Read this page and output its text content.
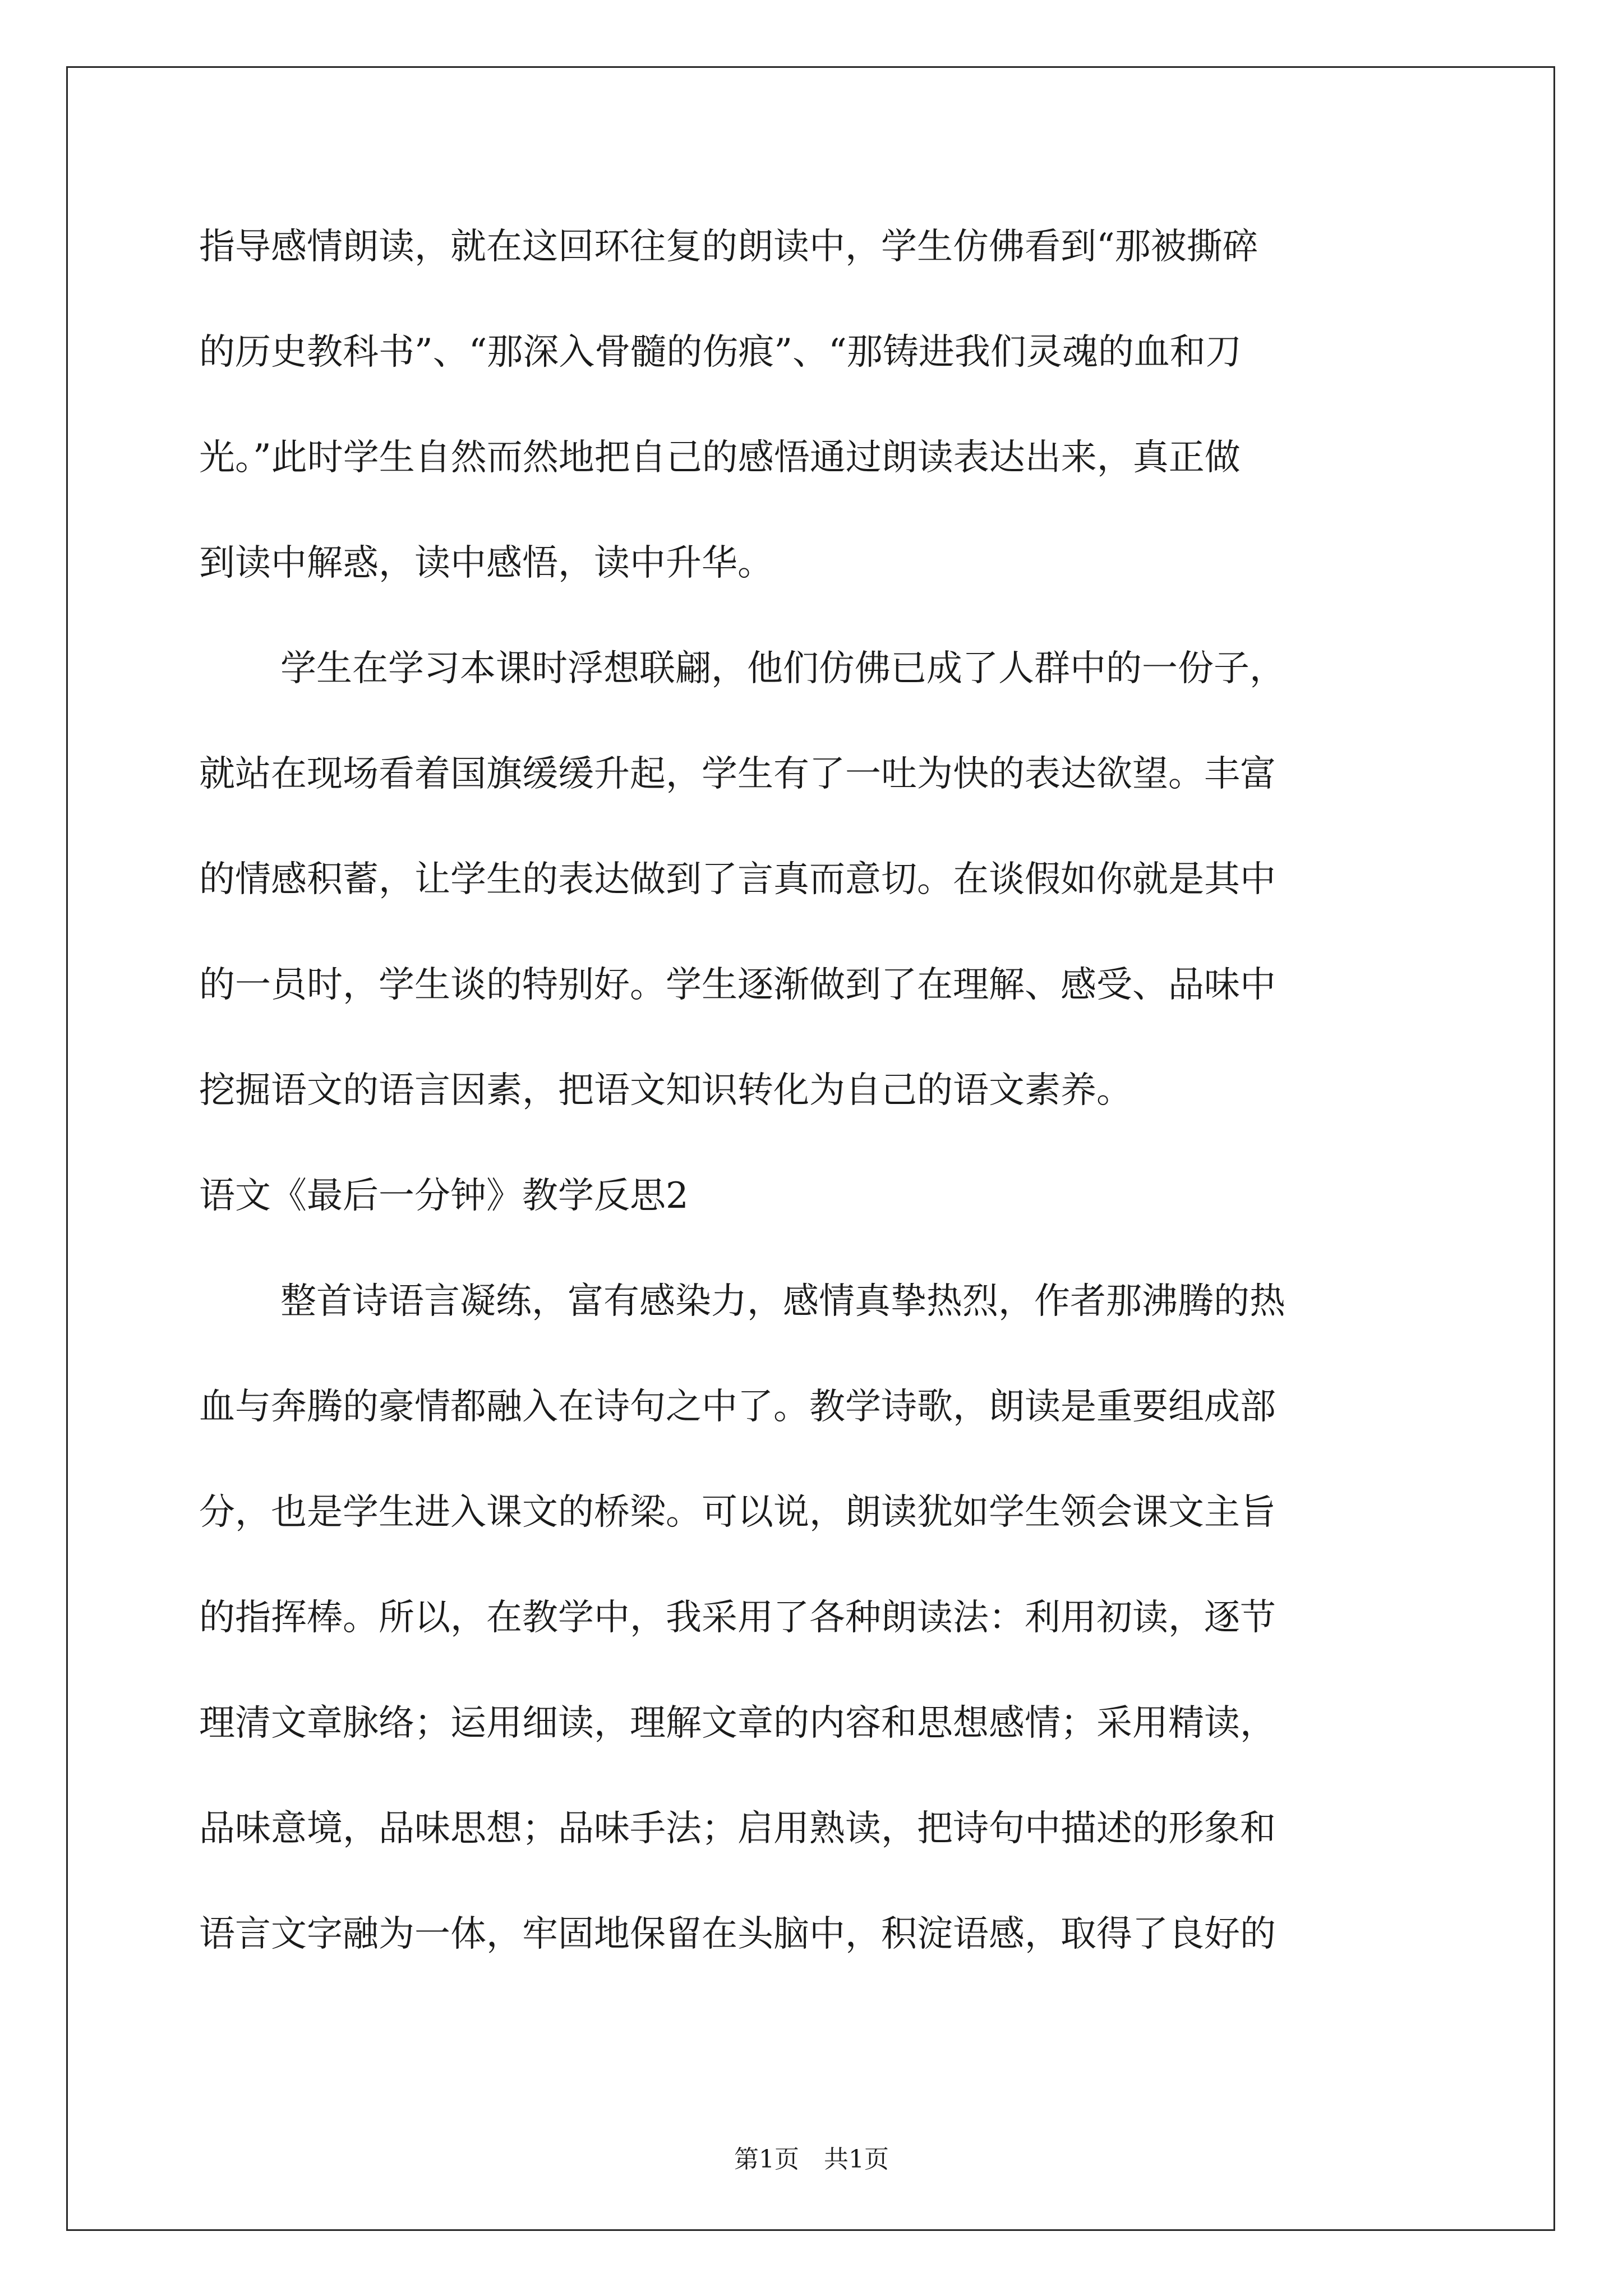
指导感情朗读，就在这回环往复的朗读中，学生仿佛看到“那被撕碎

的历史教科书”、“那深入骨髓的伤痕”、“那铸进我们灵魂的血和刀

光。”此时学生自然而然地把自己的感悟通过朗读表达出来，真正做

到读中解惑，读中感悟，读中升华。

学生在学习本课时浮想联翩，他们仿佛已成了人群中的一份子，

就站在现场看着国旗缓缓升起，学生有了一吐为快的表达欲望。丰富

的情感积蓄，让学生的表达做到了言真而意切。在谈假如你就是其中

的一员时，学生谈的特别好。学生逐渐做到了在理解、感受、品味中

挖掘语文的语言因素，把语文知识转化为自己的语文素养。

语文《最后一分钟》教学反思2

整首诗语言凝练，富有感染力，感情真挚热烈，作者那沸腾的热

血与奔腾的豪情都融入在诗句之中了。教学诗歌，朗读是重要组成部

分，也是学生进入课文的桥梁。可以说，朗读犹如学生领会课文主旨

的指挥棒。所以，在教学中，我采用了各种朗读法：利用初读，逐节

理清文章脉络；运用细读，理解文章的内容和思想感情；采用精读，

品味意境，品味思想；品味手法；启用熟读，把诗句中描述的形象和

语言文字融为一体，牢固地保留在头脑中，积淀语感，取得了良好的

第1页　共1页
